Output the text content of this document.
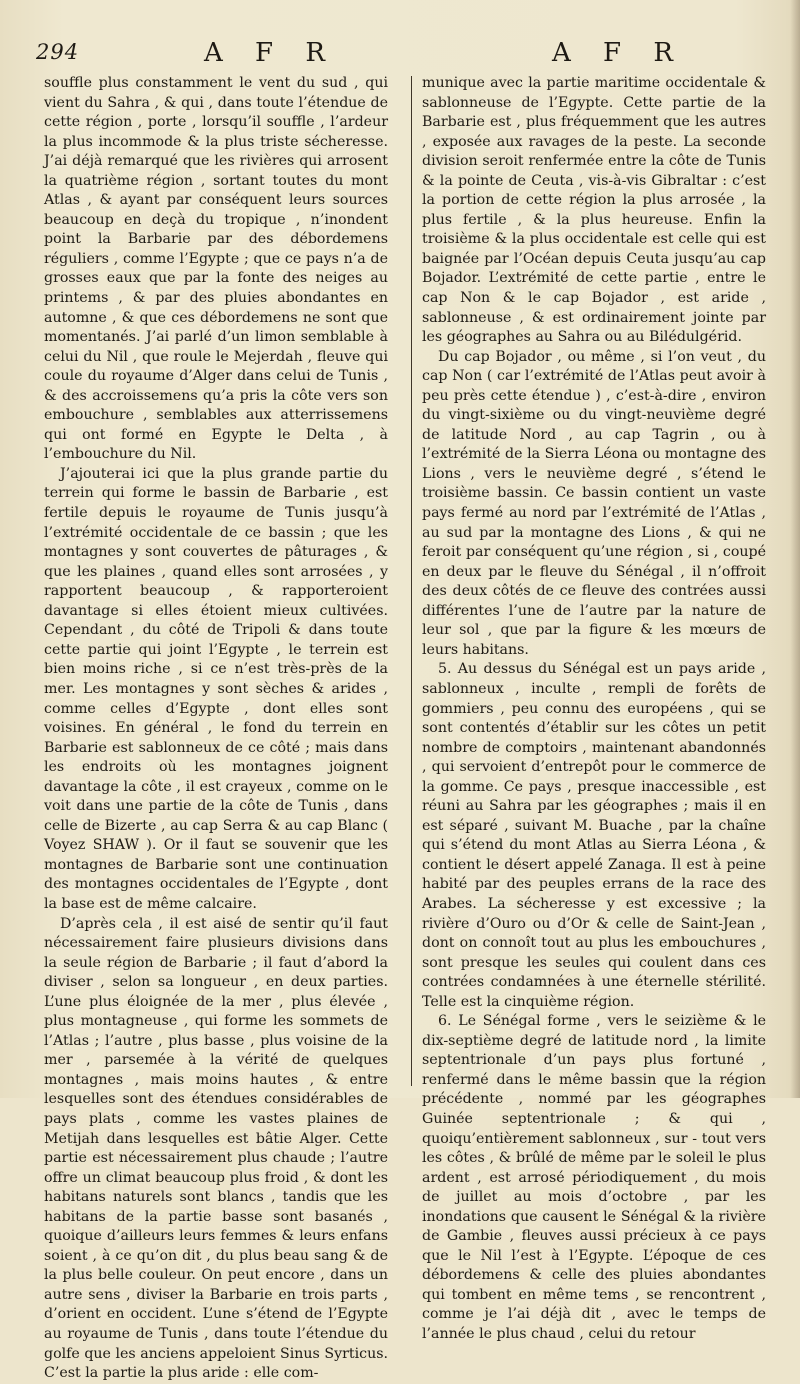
294	A F R	A F R

souffle plus constamment le vent du sud , qui vient du Sahra , & qui , dans toute l’étendue de cette région , porte , lorsqu’il souffle , l’ardeur la plus incommode & la plus triste sécheresse. J’ai déjà remarqué que les rivières qui arrosent la quatrième région , sortant toutes du mont Atlas , & ayant par conséquent leurs sources beaucoup en deçà du tropique , n’inondent point la Barbarie par des débordemens réguliers , comme l’Egypte ; que ce pays n’a de grosses eaux que par la fonte des neiges au printems , & par des pluies abondantes en automne , & que ces débordemens ne sont que momentanés. J’ai parlé d’un limon semblable à celui du Nil , que roule le Mejerdah , fleuve qui coule du royaume d’Alger dans celui de Tunis , & des accroissemens qu’a pris la côte vers son embouchure , semblables aux atterrissemens qui ont formé en Egypte le Delta , à l’embouchure du Nil.

J’ajouterai ici que la plus grande partie du terrein qui forme le bassin de Barbarie , est fertile depuis le royaume de Tunis jusqu’à l’extrémité occidentale de ce bassin ; que les montagnes y sont couvertes de pâturages , & que les plaines , quand elles sont arrosées , y rapportent beaucoup , & rapporteroient davantage si elles étoient mieux cultivées. Cependant , du côté de Tripoli & dans toute cette partie qui joint l’Egypte , le terrein est bien moins riche , si ce n’est très-près de la mer. Les montagnes y sont sèches & arides , comme celles d’Egypte , dont elles sont voisines. En général , le fond du terrein en Barbarie est sablonneux de ce côté ; mais dans les endroits où les montagnes joignent davantage la côte , il est crayeux , comme on le voit dans une partie de la côte de Tunis , dans celle de Bizerte , au cap Serra & au cap Blanc ( Voyez SHAW ). Or il faut se souvenir que les montagnes de Barbarie sont une continuation des montagnes occidentales de l’Egypte , dont la base est de même calcaire.

D’après cela , il est aisé de sentir qu’il faut nécessairement faire plusieurs divisions dans la seule région de Barbarie ; il faut d’abord la diviser , selon sa longueur , en deux parties. L’une plus éloignée de la mer , plus élevée , plus montagneuse , qui forme les sommets de l’Atlas ; l’autre , plus basse , plus voisine de la mer , parsemée à la vérité de quelques montagnes , mais moins hautes , & entre lesquelles sont des étendues considérables de pays plats , comme les vastes plaines de Metijah dans lesquelles est bâtie Alger. Cette partie est nécessairement plus chaude ; l’autre offre un climat beaucoup plus froid , & dont les habitans naturels sont blancs , tandis que les habitans de la partie basse sont basanés , quoique d’ailleurs leurs femmes & leurs enfans soient , à ce qu’on dit , du plus beau sang & de la plus belle couleur. On peut encore , dans un autre sens , diviser la Barbarie en trois parts , d’orient en occident. L’une s’étend de l’Egypte au royaume de Tunis , dans toute l’étendue du golfe que les anciens appeloient Sinus Syrticus. C’est la partie la plus aride : elle com-

munique avec la partie maritime occidentale & sablonneuse de l’Egypte. Cette partie de la Barbarie est , plus fréquemment que les autres , exposée aux ravages de la peste. La seconde division seroit renfermée entre la côte de Tunis & la pointe de Ceuta , vis-à-vis Gibraltar : c’est la portion de cette région la plus arrosée , la plus fertile , & la plus heureuse. Enfin la troisième & la plus occidentale est celle qui est baignée par l’Océan depuis Ceuta jusqu’au cap Bojador. L’extrémité de cette partie , entre le cap Non & le cap Bojador , est aride , sablonneuse , & est ordinairement jointe par les géographes au Sahra ou au Bilédulgérid.

Du cap Bojador , ou même , si l’on veut , du cap Non ( car l’extrémité de l’Atlas peut avoir à peu près cette étendue ) , c’est-à-dire , environ du vingt-sixième ou du vingt-neuvième degré de latitude Nord , au cap Tagrin , ou à l’extrémité de la Sierra Léona ou montagne des Lions , vers le neuvième degré , s’étend le troisième bassin. Ce bassin contient un vaste pays fermé au nord par l’extrémité de l’Atlas , au sud par la montagne des Lions , & qui ne feroit par conséquent qu’une région , si , coupé en deux par le fleuve du Sénégal , il n’offroit des deux côtés de ce fleuve des contrées aussi différentes l’une de l’autre par la nature de leur sol , que par la figure & les mœurs de leurs habitans.

5. Au dessus du Sénégal est un pays aride , sablonneux , inculte , rempli de forêts de gommiers , peu connu des européens , qui se sont contentés d’établir sur les côtes un petit nombre de comptoirs , maintenant abandonnés , qui servoient d’entrepôt pour le commerce de la gomme. Ce pays , presque inaccessible , est réuni au Sahra par les géographes ; mais il en est séparé , suivant M. Buache , par la chaîne qui s’étend du mont Atlas au Sierra Léona , & contient le désert appelé Zanaga. Il est à peine habité par des peuples errans de la race des Arabes. La sécheresse y est excessive ; la rivière d’Ouro ou d’Or & celle de Saint-Jean , dont on connoît tout au plus les embouchures , sont presque les seules qui coulent dans ces contrées condamnées à une éternelle stérilité. Telle est la cinquième région.

6. Le Sénégal forme , vers le seizième & le dix-septième degré de latitude nord , la limite septentrionale d’un pays plus fortuné , renfermé dans le même bassin que la région précédente , nommé par les géographes Guinée septentrionale ; & qui , quoiqu’entièrement sablonneux , sur - tout vers les côtes , & brûlé de même par le soleil le plus ardent , est arrosé périodiquement , du mois de juillet au mois d’octobre , par les inondations que causent le Sénégal & la rivière de Gambie , fleuves aussi précieux à ce pays que le Nil l’est à l’Egypte. L’époque de ces débordemens & celle des pluies abondantes qui tombent en même tems , se rencontrent , comme je l’ai déjà dit , avec le temps de l’année le plus chaud , celui du retour
